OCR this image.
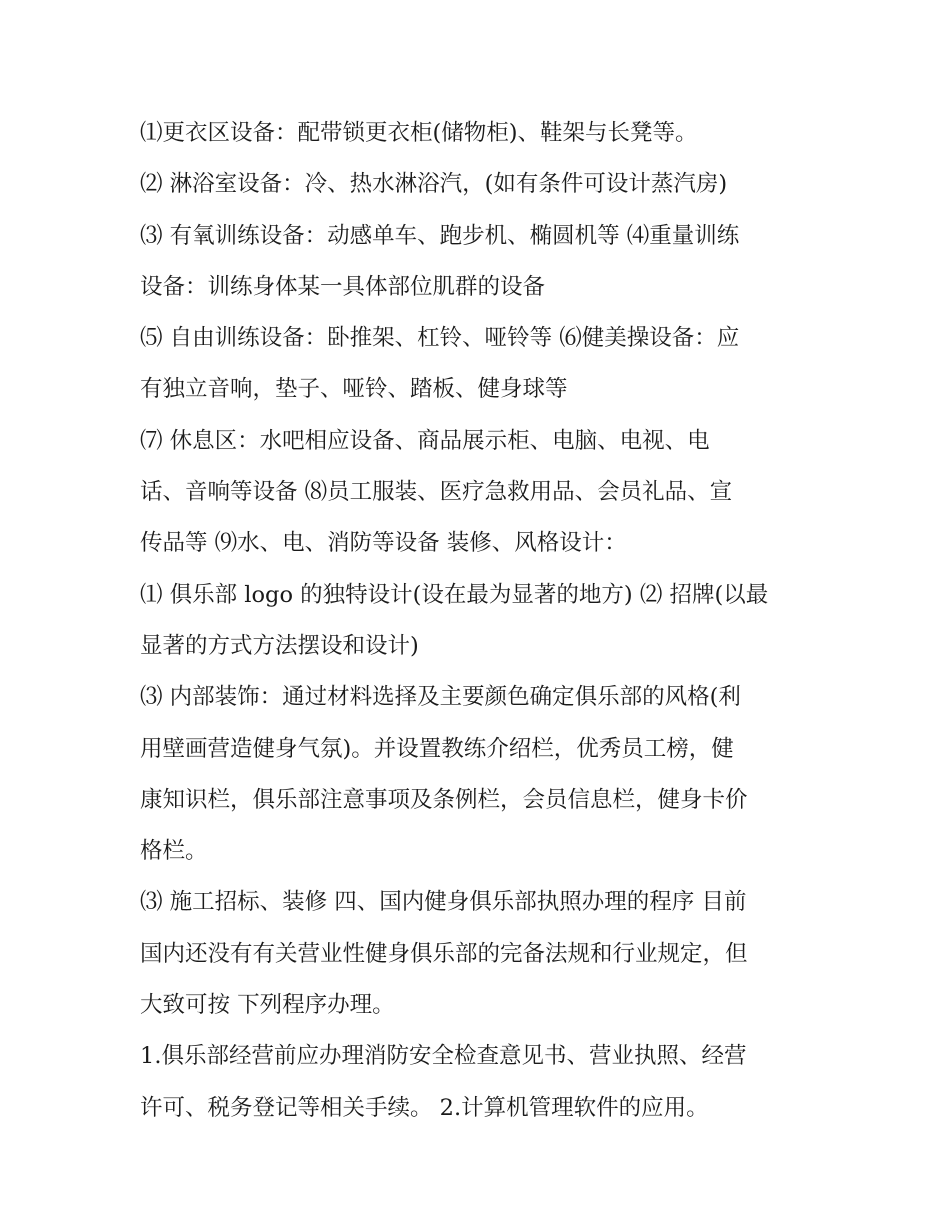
⑴更衣区设备：配带锁更衣柜(储物柜)、鞋架与长凳等。

⑵ 淋浴室设备：冷、热水淋浴汽，(如有条件可设计蒸汽房)

⑶ 有氧训练设备：动感单车、跑步机、椭圆机等 ⑷重量训练

设备：训练身体某一具体部位肌群的设备

⑸ 自由训练设备：卧推架、杠铃、哑铃等 ⑹健美操设备：应

有独立音响，垫子、哑铃、踏板、健身球等

⑺ 休息区：水吧相应设备、商品展示柜、电脑、电视、电

话、音响等设备 ⑻员工服装、医疗急救用品、会员礼品、宣

传品等 ⑼水、电、消防等设备 装修、风格设计：

⑴ 俱乐部 logo 的独特设计(设在最为显著的地方) ⑵ 招牌(以最

显著的方式方法摆设和设计)

⑶ 内部装饰：通过材料选择及主要颜色确定俱乐部的风格(利

用壁画营造健身气氛)。并设置教练介绍栏，优秀员工榜，健

康知识栏，俱乐部注意事项及条例栏，会员信息栏，健身卡价

格栏。

⑶ 施工招标、装修 四、国内健身俱乐部执照办理的程序 目前

国内还没有有关营业性健身俱乐部的完备法规和行业规定，但

大致可按 下列程序办理。

1.俱乐部经营前应办理消防安全检查意见书、营业执照、经营

许可、税务登记等相关手续。 2.计算机管理软件的应用。
